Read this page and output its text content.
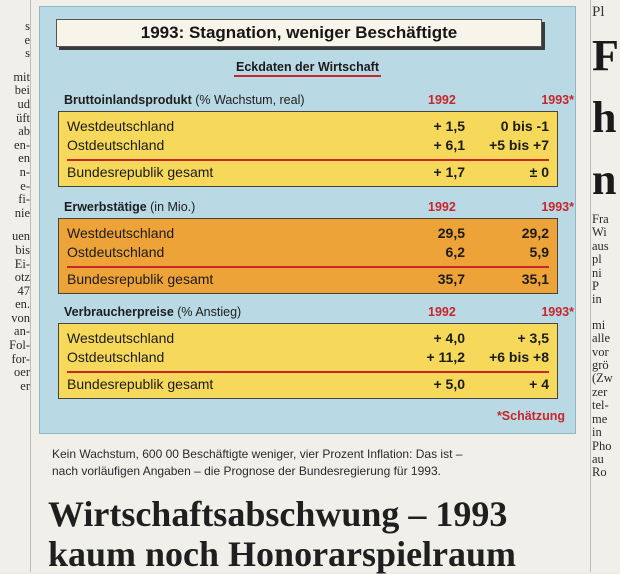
s
e
s
mit
bei
ud
üft
ab
en-
en
n-
e-
fi-
nie
uen
bis
Ei-
otz
47
en.
von
an-
Fol-
for-
oer
er
1993: Stagnation, weniger Beschäftigte
Eckdaten der Wirtschaft
Bruttoinlandsprodukt (% Wachstum, real)	1992	1993*
Westdeutschland	+ 1,5	0 bis -1
Ostdeutschland	+ 6,1	+5 bis +7
Bundesrepublik gesamt	+ 1,7	± 0
Erwerbstätige (in Mio.)	1992	1993*
Westdeutschland	29,5	29,2
Ostdeutschland	6,2	5,9
Bundesrepublik gesamt	35,7	35,1
Verbraucherpreise (% Anstieg)	1992	1993*
Westdeutschland	+ 4,0	+ 3,5
Ostdeutschland	+ 11,2	+6 bis +8
Bundesrepublik gesamt	+ 5,0	+ 4
*Schätzung
Kein Wachstum, 600 00 Beschäftigte weniger, vier Prozent Inflation: Das ist –
nach vorläufigen Angaben – die Prognose der Bundesregierung für 1993.
Wirtschaftsabschwung – 1993
kaum noch Honorarspielraum
Pl
F
h
n
Fra
Wi
aus
pl
ni
P
in
mi
alle
vor
grö
(Zw
zer
tel-
me
in
Pho
au
Ro
